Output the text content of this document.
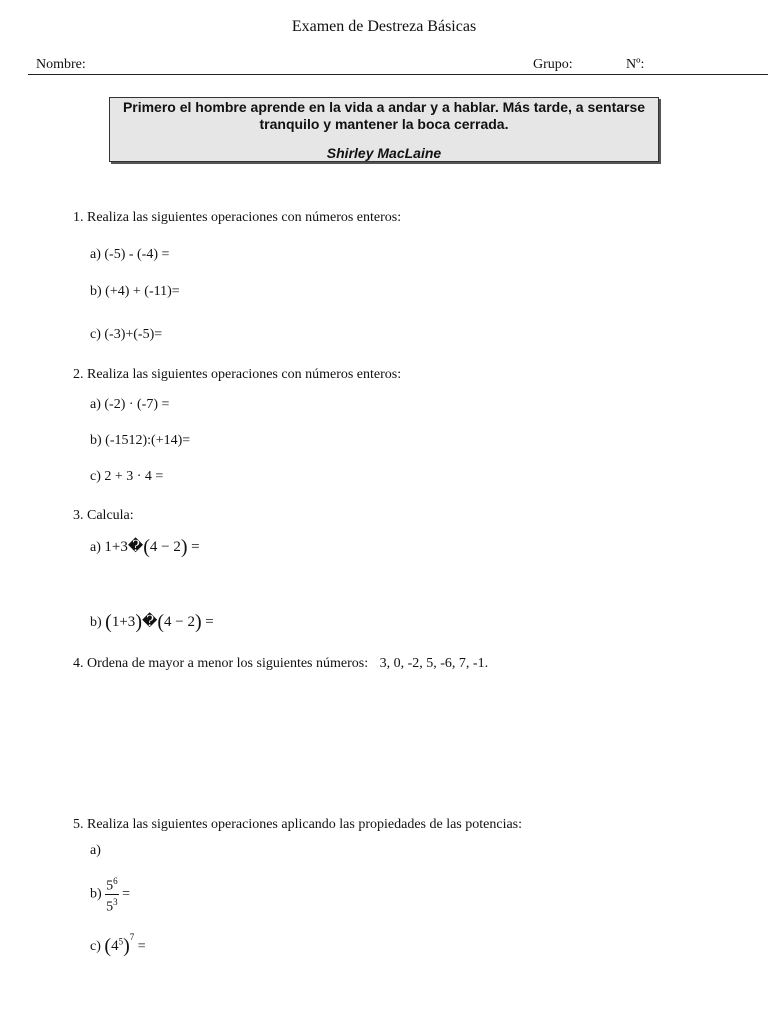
Examen de Destreza Básicas
Nombre:	Grupo:	Nº:
Primero el hombre aprende en la vida a andar y a hablar. Más tarde, a sentarse tranquilo y mantener la boca cerrada.
Shirley MacLaine
1. Realiza las siguientes operaciones con números enteros:
a) (-5) - (-4) =
b) (+4) + (-11)=
c) (-3)+(-5)=
2. Realiza las siguientes operaciones con números enteros:
a) (-2) · (-7) =
b) (-1512):(+14)=
c) 2 + 3 · 4 =
3. Calcula:
a) 1+3�(4 − 2) =
b) (1+3)�(4 − 2) =
4. Ordena de mayor a menor los siguientes números: 3, 0, -2, 5, -6, 7, -1.
5. Realiza las siguientes operaciones aplicando las propiedades de las potencias:
a)
$b) \frac{5^6}{5^3}$ =
c) $(4^5)^7$ =
